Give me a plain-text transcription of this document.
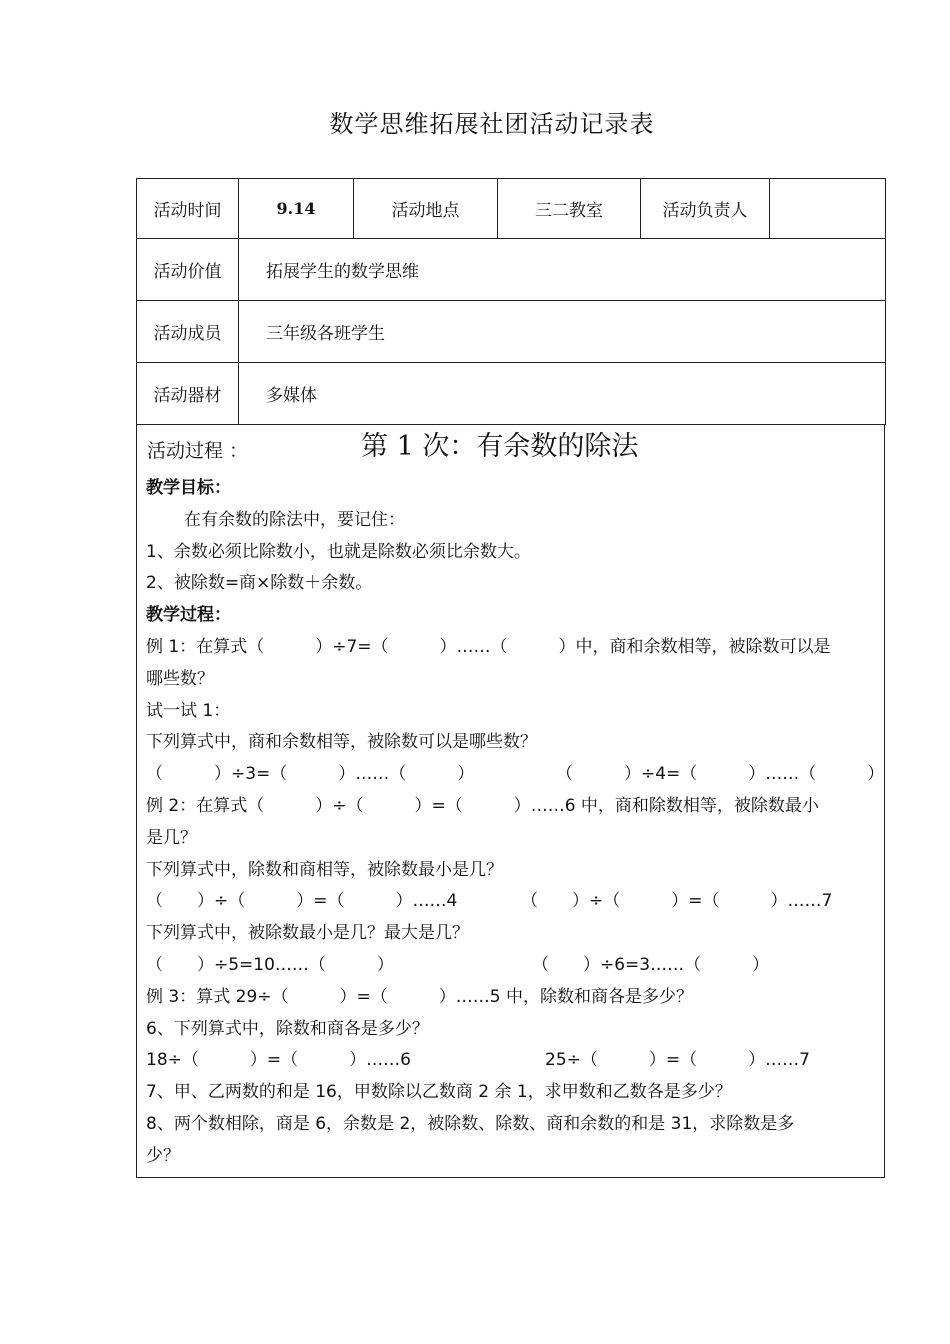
数学思维拓展社团活动记录表
活动时间	9.14	活动地点	三二教室	活动负责人	
活动价值	拓展学生的数学思维				
活动成员	三年级各班学生				
活动器材	多媒体				
活动过程 ：	第 1 次：有余数的除法
教学目标：
在有余数的除法中，要记住：
1、余数必须比除数小，也就是除数必须比余数大。
2、被除数=商×除数＋余数。
教学过程：
例 1：在算式（　　　）÷7=（　　　）……（　　　）中，商和余数相等，被除数可以是
哪些数？
试一试 1：
下列算式中，商和余数相等，被除数可以是哪些数？
（　　　）÷3=（　　　）……（　　　）	（　　　）÷4=（　　　）……（　　　）
例 2：在算式（　　　）÷（　　　）=（　　　）……6 中，商和除数相等，被除数最小
是几？
下列算式中，除数和商相等，被除数最小是几？
（　　）÷（　　　）=（　　　）……4	（　　）÷（　　　）=（　　　）……7
下列算式中，被除数最小是几？最大是几？
（　　）÷5=10……（　　　）	（　　）÷6=3……（　　　）
例 3：算式 29÷（　　　）=（　　　）……5 中，除数和商各是多少？
6、下列算式中，除数和商各是多少？
18÷（　　　）=（　　　）……6	25÷（　　　）=（　　　）……7
7、甲、乙两数的和是 16，甲数除以乙数商 2 余 1，求甲数和乙数各是多少？
8、两个数相除，商是 6，余数是 2，被除数、除数、商和余数的和是 31，求除数是多
少？
